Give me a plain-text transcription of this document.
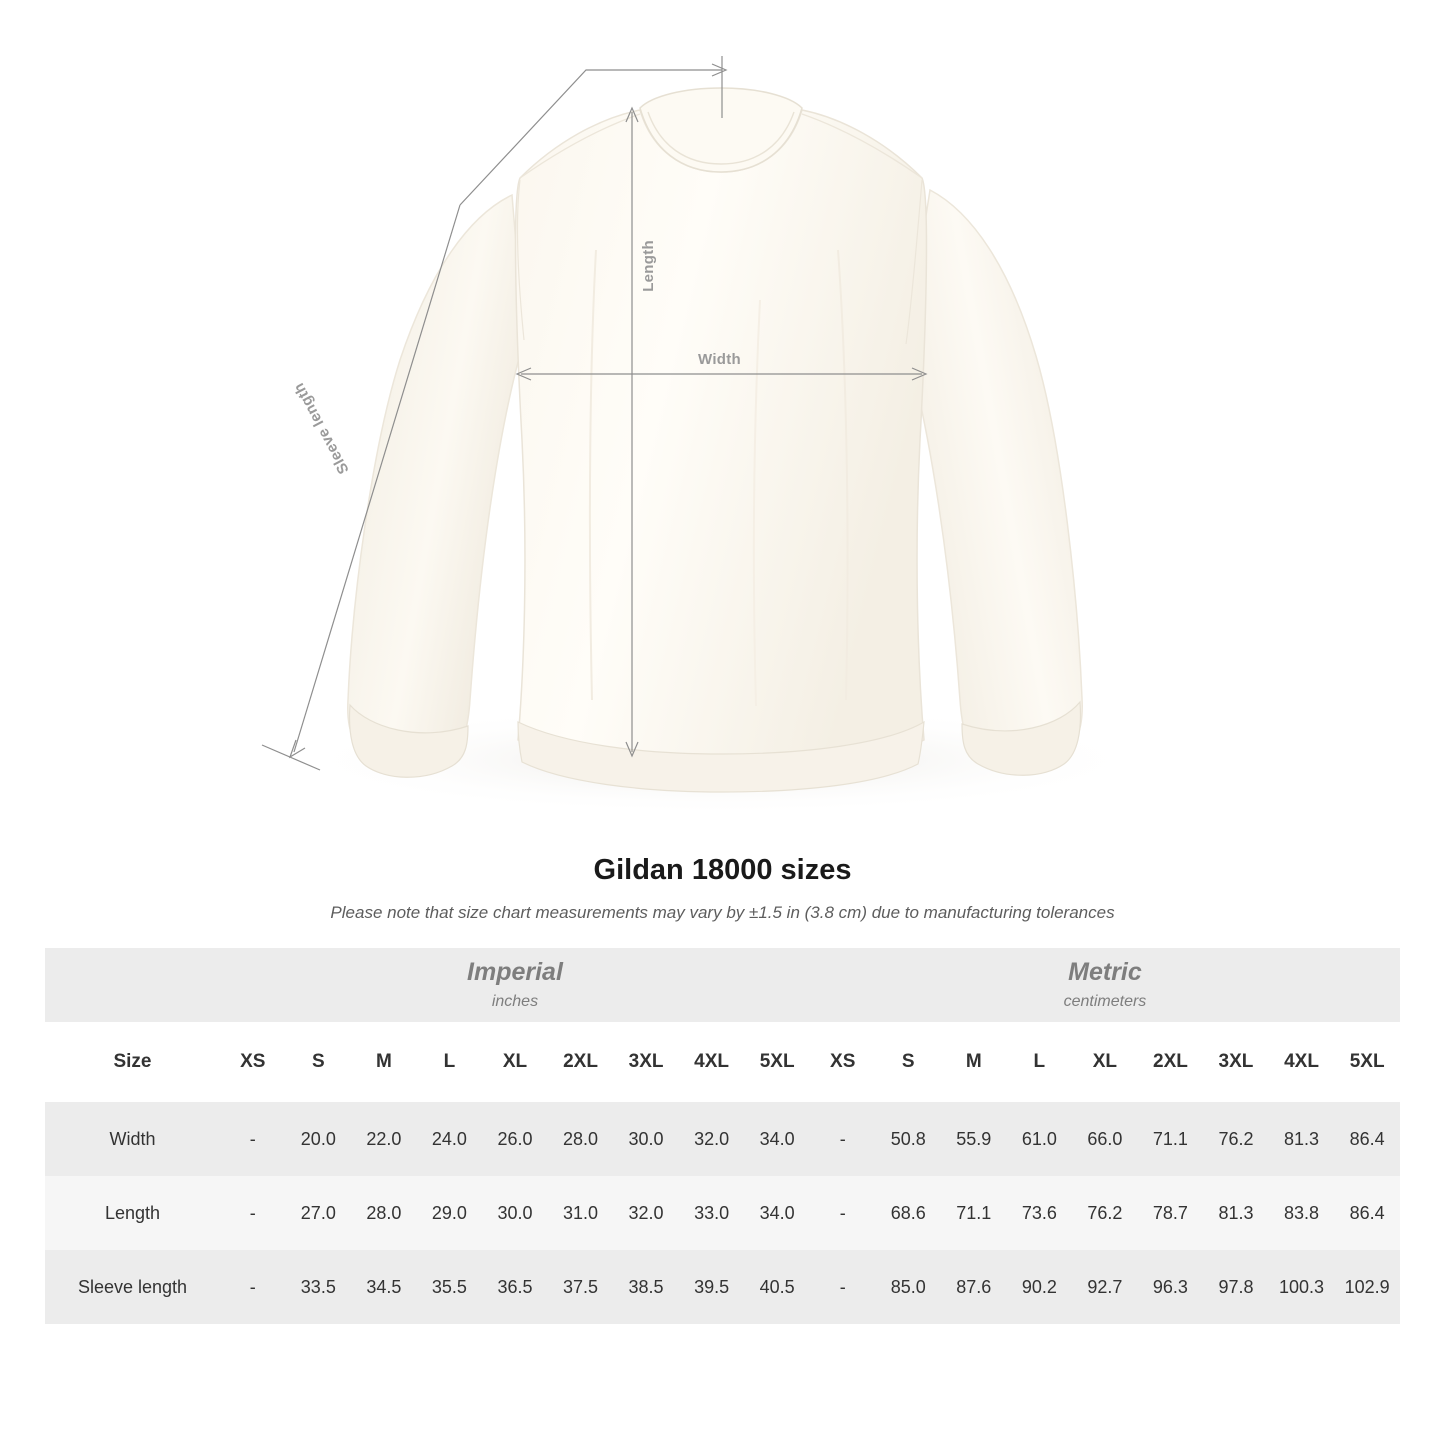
Length
Width
Sleeve length
Gildan 18000 sizes

Please note that size chart measurements may vary by ±1.5 in (3.8 cm) due to manufacturing tolerances

	Imperial
inches									Metric
centimeters								

Size	XS	S	M	L	XL	2XL	3XL	4XL	5XL	XS	S	M	L	XL	2XL	3XL	4XL	5XL
Width	-	20.0	22.0	24.0	26.0	28.0	30.0	32.0	34.0	-	50.8	55.9	61.0	66.0	71.1	76.2	81.3	86.4
Length	-	27.0	28.0	29.0	30.0	31.0	32.0	33.0	34.0	-	68.6	71.1	73.6	76.2	78.7	81.3	83.8	86.4
Sleeve length	-	33.5	34.5	35.5	36.5	37.5	38.5	39.5	40.5	-	85.0	87.6	90.2	92.7	96.3	97.8	100.3	102.9
